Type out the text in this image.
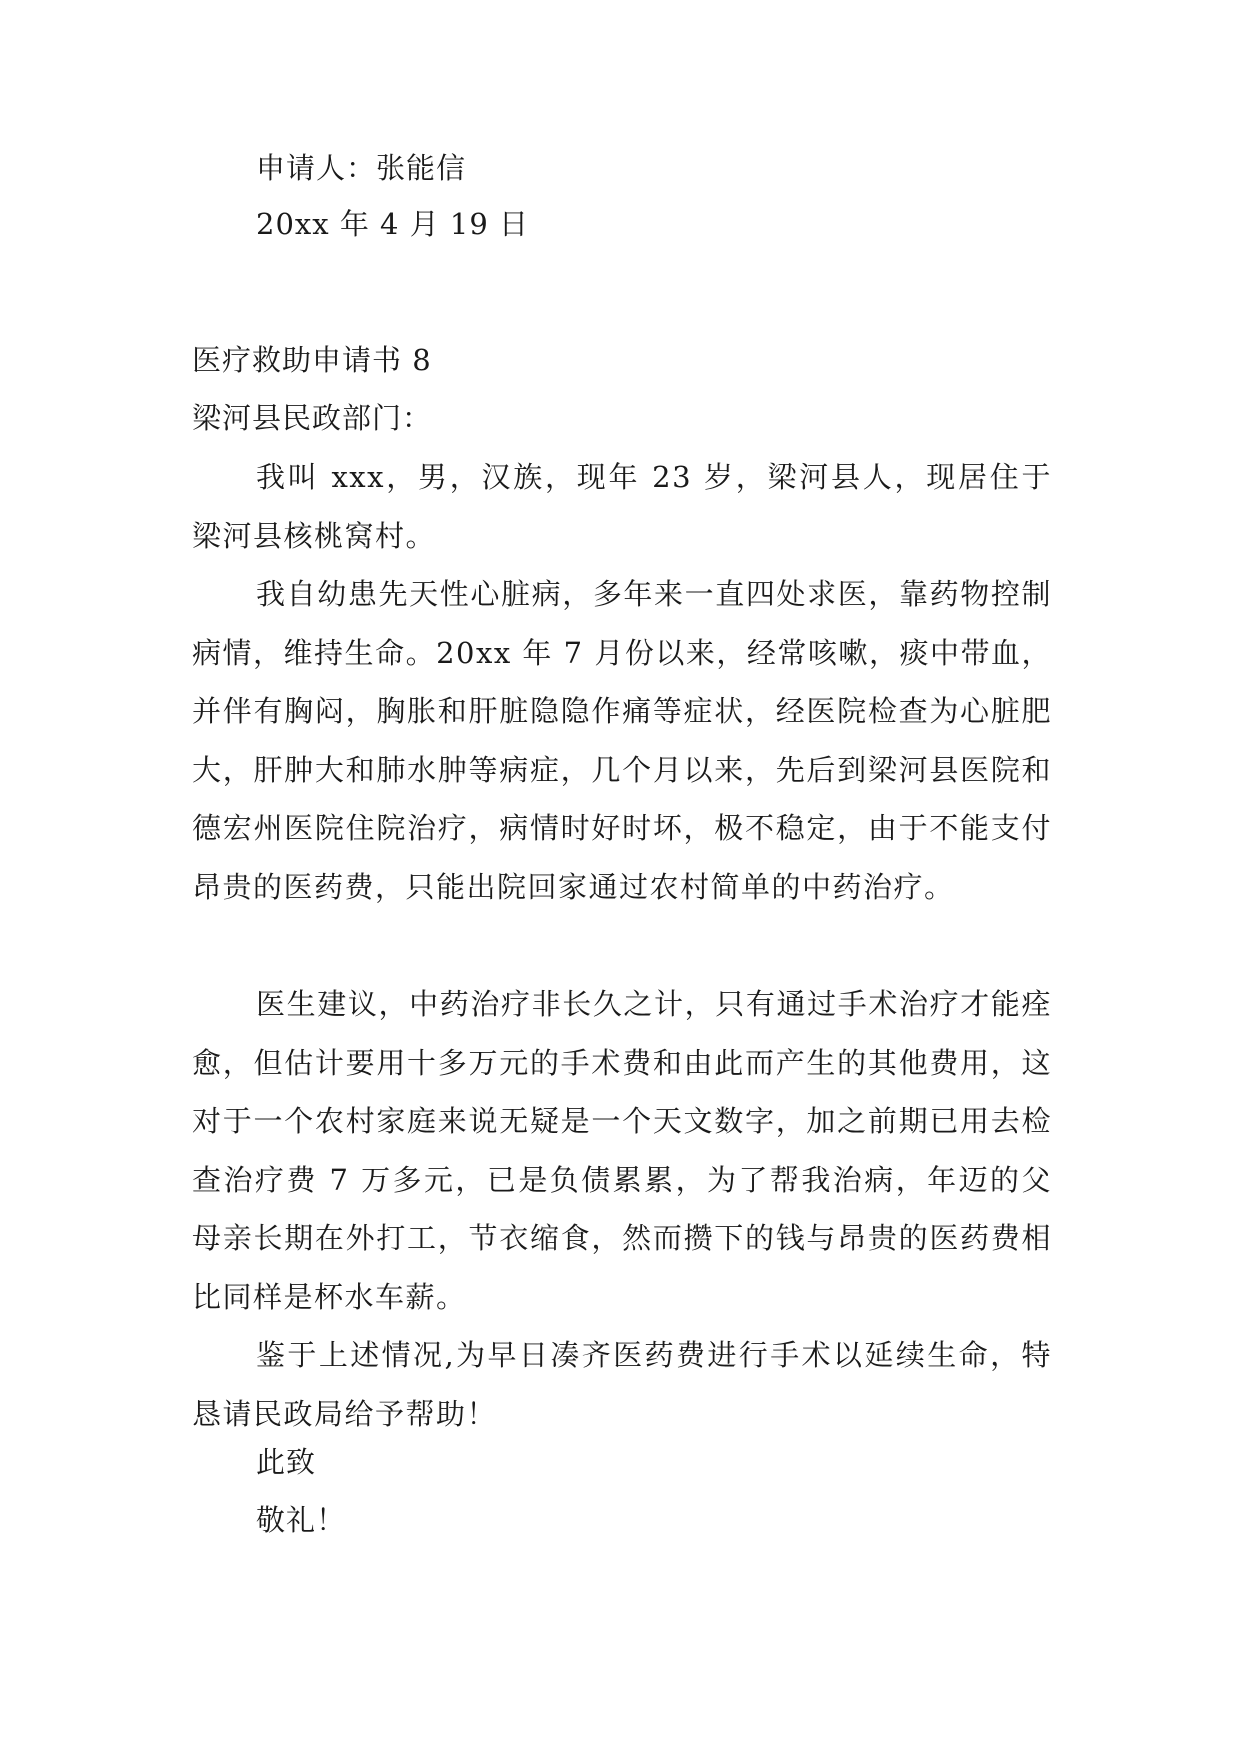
申请人：张能信
20xx 年 4 月 19 日
医疗救助申请书 8
梁河县民政部门：
我叫 xxx，男，汉族，现年 23 岁，梁河县人，现居住于梁河县核桃窝村。
我自幼患先天性心脏病，多年来一直四处求医，靠药物控制病情，维持生命。20xx 年 7 月份以来，经常咳嗽，痰中带血，并伴有胸闷，胸胀和肝脏隐隐作痛等症状，经医院检查为心脏肥大，肝肿大和肺水肿等病症，几个月以来，先后到梁河县医院和德宏州医院住院治疗，病情时好时坏，极不稳定，由于不能支付昂贵的医药费，只能出院回家通过农村简单的中药治疗。
医生建议，中药治疗非长久之计，只有通过手术治疗才能痊愈，但估计要用十多万元的手术费和由此而产生的其他费用，这对于一个农村家庭来说无疑是一个天文数字，加之前期已用去检查治疗费 7 万多元，已是负债累累，为了帮我治病，年迈的父母亲长期在外打工，节衣缩食，然而攒下的钱与昂贵的医药费相比同样是杯水车薪。
鉴于上述情况,为早日凑齐医药费进行手术以延续生命，特恳请民政局给予帮助！
此致
敬礼！
